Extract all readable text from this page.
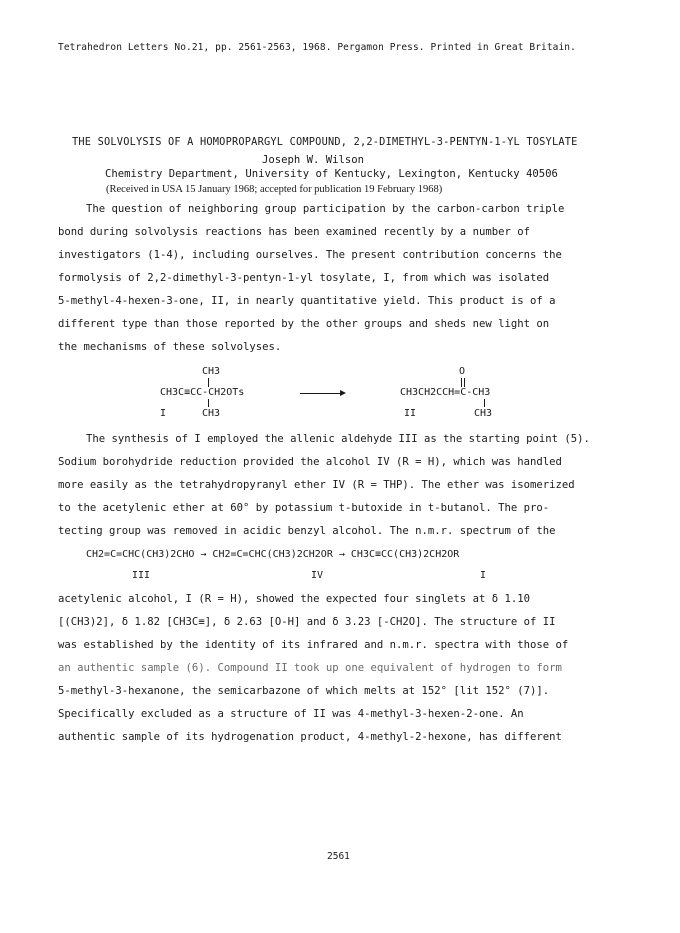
Tetrahedron Letters No.21, pp. 2561-2563, 1968. Pergamon Press. Printed in Great Britain.
THE SOLVOLYSIS OF A HOMOPROPARGYL COMPOUND, 2,2-DIMETHYL-3-PENTYN-1-YL TOSYLATE
Joseph W. Wilson
Chemistry Department, University of Kentucky, Lexington, Kentucky 40506
(Received in USA 15 January 1968; accepted for publication 19 February 1968)
The question of neighboring group participation by the carbon-carbon triple
bond during solvolysis reactions has been examined recently by a number of
investigators (1-4), including ourselves. The present contribution concerns the
formolysis of 2,2-dimethyl-3-pentyn-1-yl tosylate, I, from which was isolated
5-methyl-4-hexen-3-one, II, in nearly quantitative yield. This product is of a
different type than those reported by the other groups and sheds new light on
the mechanisms of these solvolyses.
CH3
CH3C≡CC-CH2OTs
I	CH3
O
CH3CH2CCH=C-CH3
II	CH3
The synthesis of I employed the allenic aldehyde III as the starting point (5).
Sodium borohydride reduction provided the alcohol IV (R = H), which was handled
more easily as the tetrahydropyranyl ether IV (R = THP). The ether was isomerized
to the acetylenic ether at 60° by potassium t-butoxide in t-butanol. The pro-
tecting group was removed in acidic benzyl alcohol. The n.m.r. spectrum of the
CH2=C=CHC(CH3)2CHO → CH2=C=CHC(CH3)2CH2OR → CH3C≡CC(CH3)2CH2OR
III	IV	I
acetylenic alcohol, I (R = H), showed the expected four singlets at δ 1.10
[(CH3)2], δ 1.82 [CH3C≡], δ 2.63 [O-H] and δ 3.23 [-CH2O]. The structure of II
was established by the identity of its infrared and n.m.r. spectra with those of
an authentic sample (6). Compound II took up one equivalent of hydrogen to form
5-methyl-3-hexanone, the semicarbazone of which melts at 152° [lit 152° (7)].
Specifically excluded as a structure of II was 4-methyl-3-hexen-2-one. An
authentic sample of its hydrogenation product, 4-methyl-2-hexone, has different
2561
